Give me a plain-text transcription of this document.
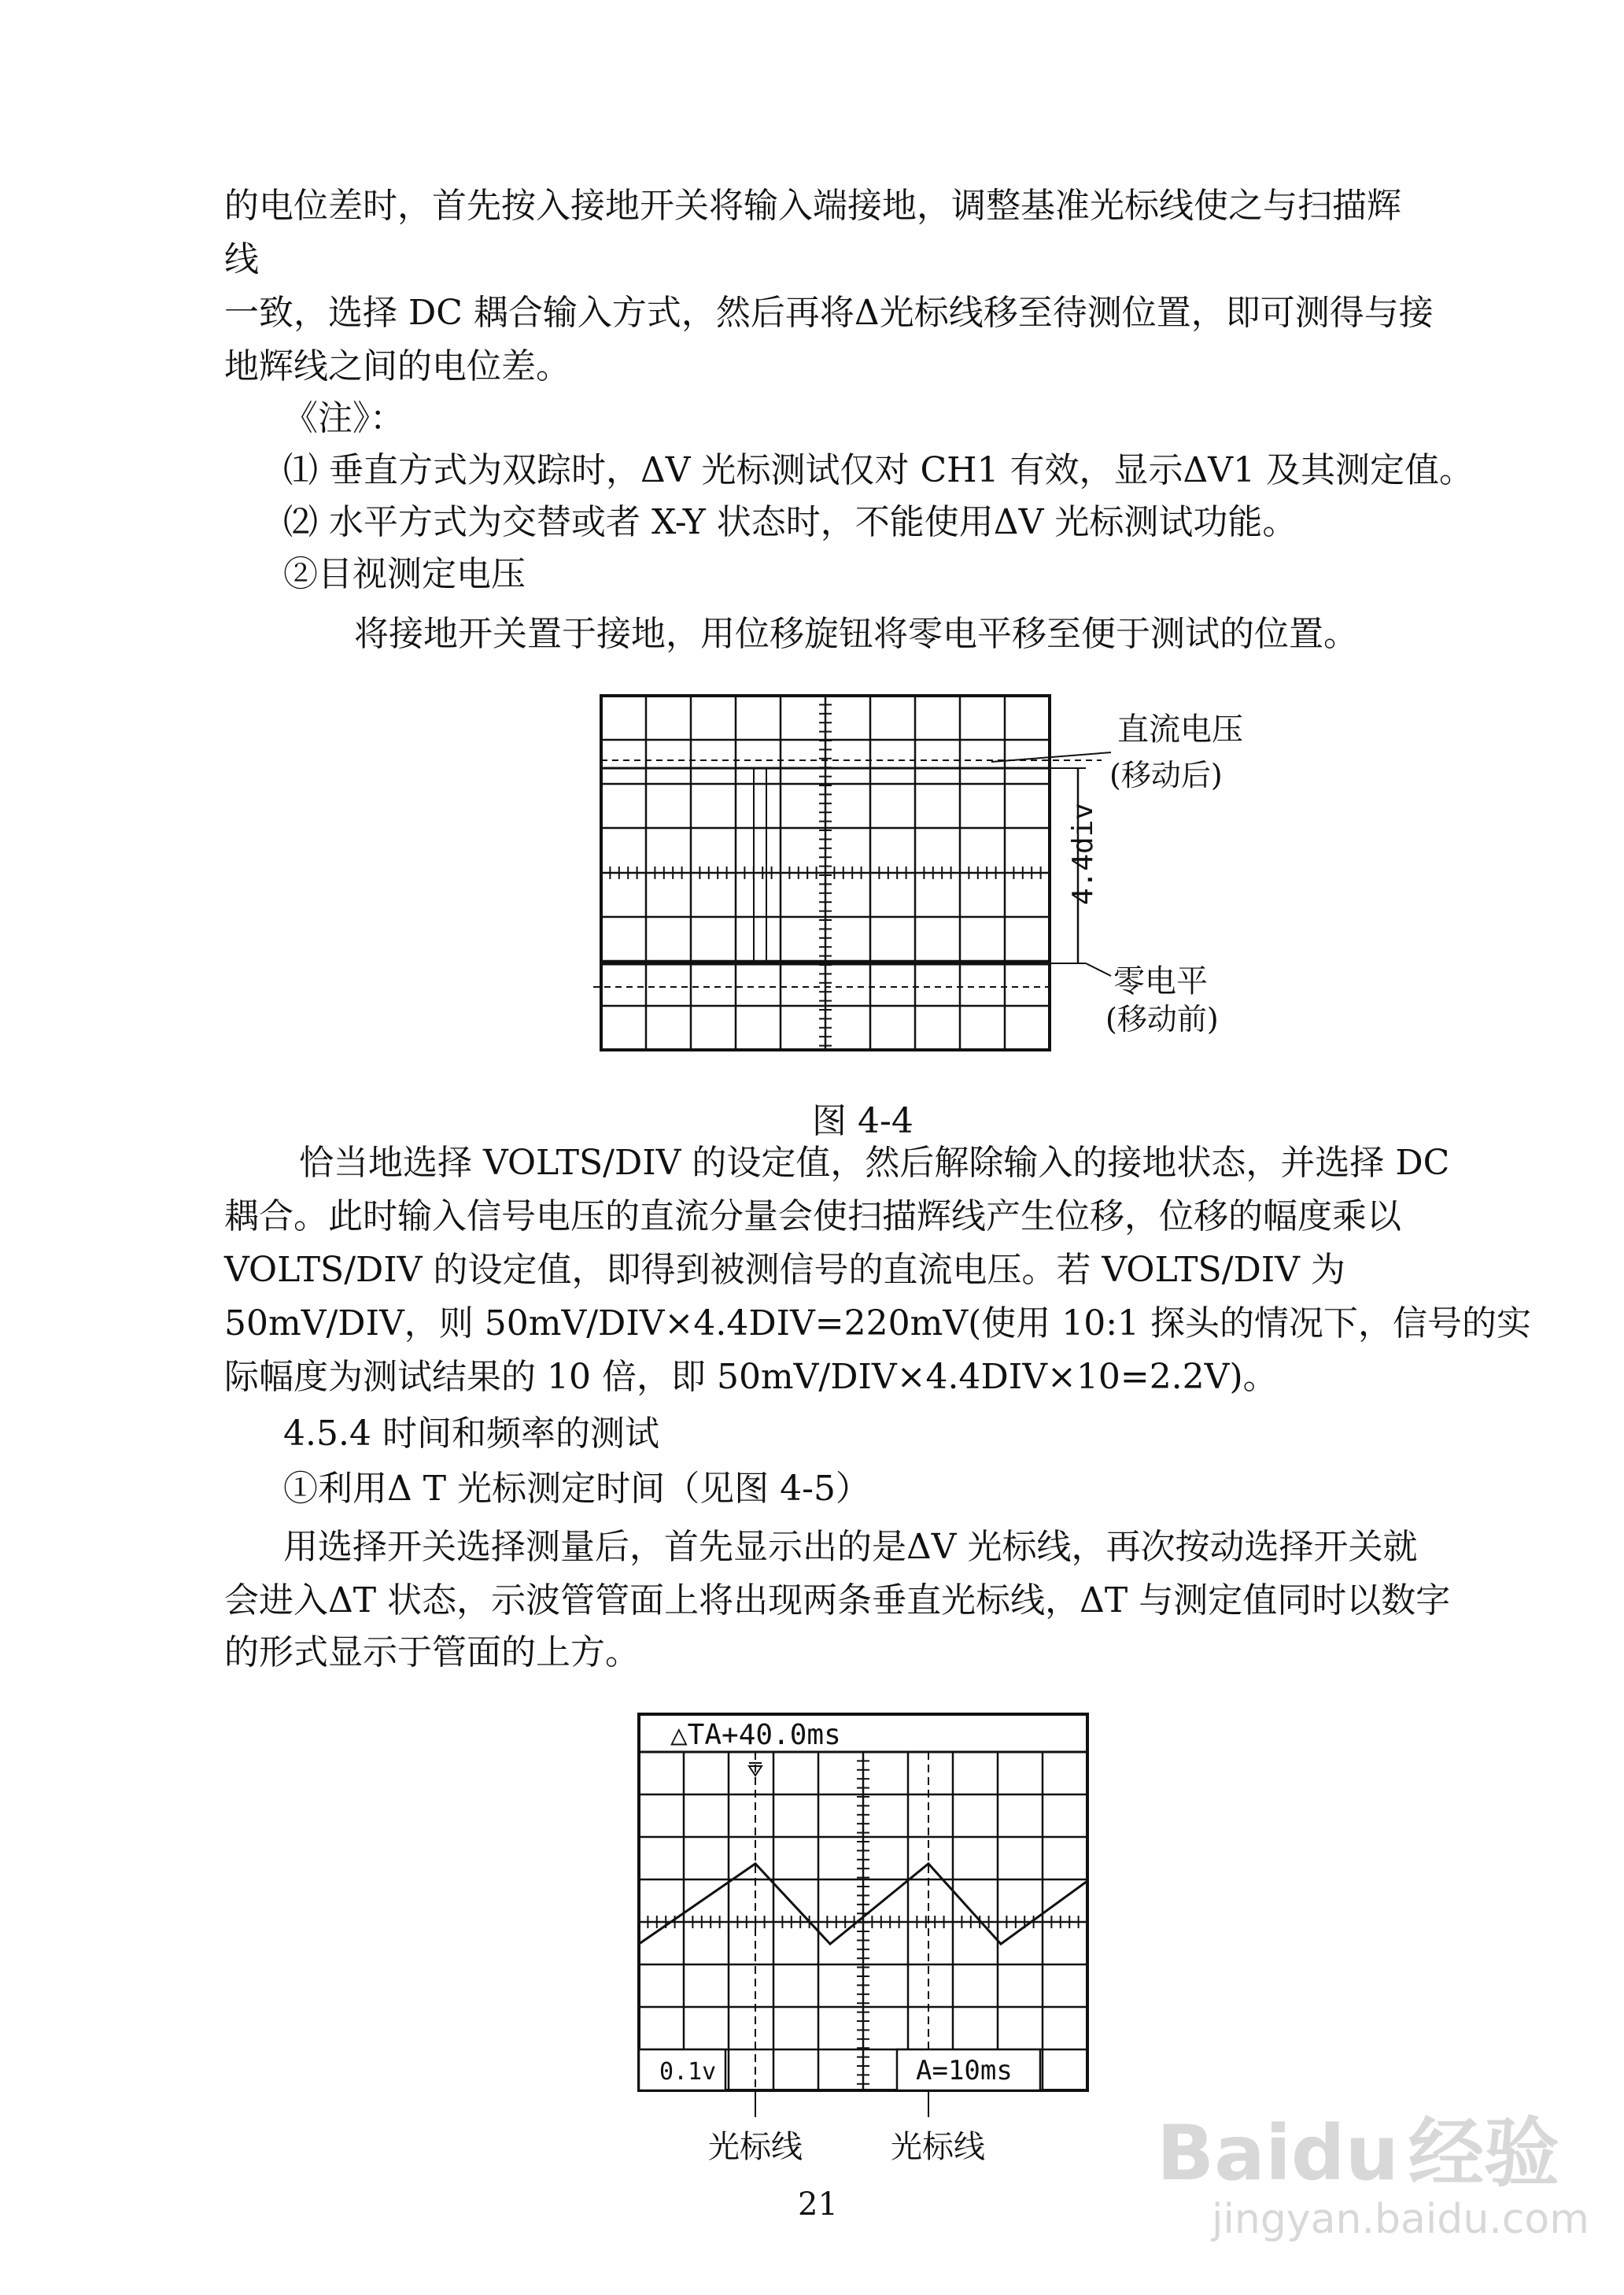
的电位差时，首先按入接地开关将输入端接地，调整基准光标线使之与扫描辉
线
一致，选择 DC 耦合输入方式，然后再将Δ光标线移至待测位置，即可测得与接
地辉线之间的电位差。
《注》：
⑴ 垂直方式为双踪时，ΔV 光标测试仅对 CH1 有效，显示ΔV1 及其测定值。
⑵ 水平方式为交替或者 X-Y 状态时，不能使用ΔV 光标测试功能。
②目视测定电压
将接地开关置于接地，用位移旋钮将零电平移至便于测试的位置。
直流电压
(移动后)
4.4div
零电平
(移动前)
图 4-4
恰当地选择 VOLTS/DIV 的设定值，然后解除输入的接地状态，并选择 DC
耦合。此时输入信号电压的直流分量会使扫描辉线产生位移，位移的幅度乘以
VOLTS/DIV 的设定值，即得到被测信号的直流电压。若 VOLTS/DIV 为
50mV/DIV，则 50mV/DIV×4.4DIV=220mV(使用 10:1 探头的情况下，信号的实
际幅度为测试结果的 10 倍，即 50mV/DIV×4.4DIV×10=2.2V)。
4.5.4 时间和频率的测试
①利用Δ T 光标测定时间（见图 4-5）
用选择开关选择测量后，首先显示出的是ΔV 光标线，再次按动选择开关就
会进入ΔT 状态，示波管管面上将出现两条垂直光标线，ΔT 与测定值同时以数字
的形式显示于管面的上方。
△TA+40.0ms
0.1v	A=10ms
光标线	光标线
21
Baidu 经验
jingyan.baidu.com
